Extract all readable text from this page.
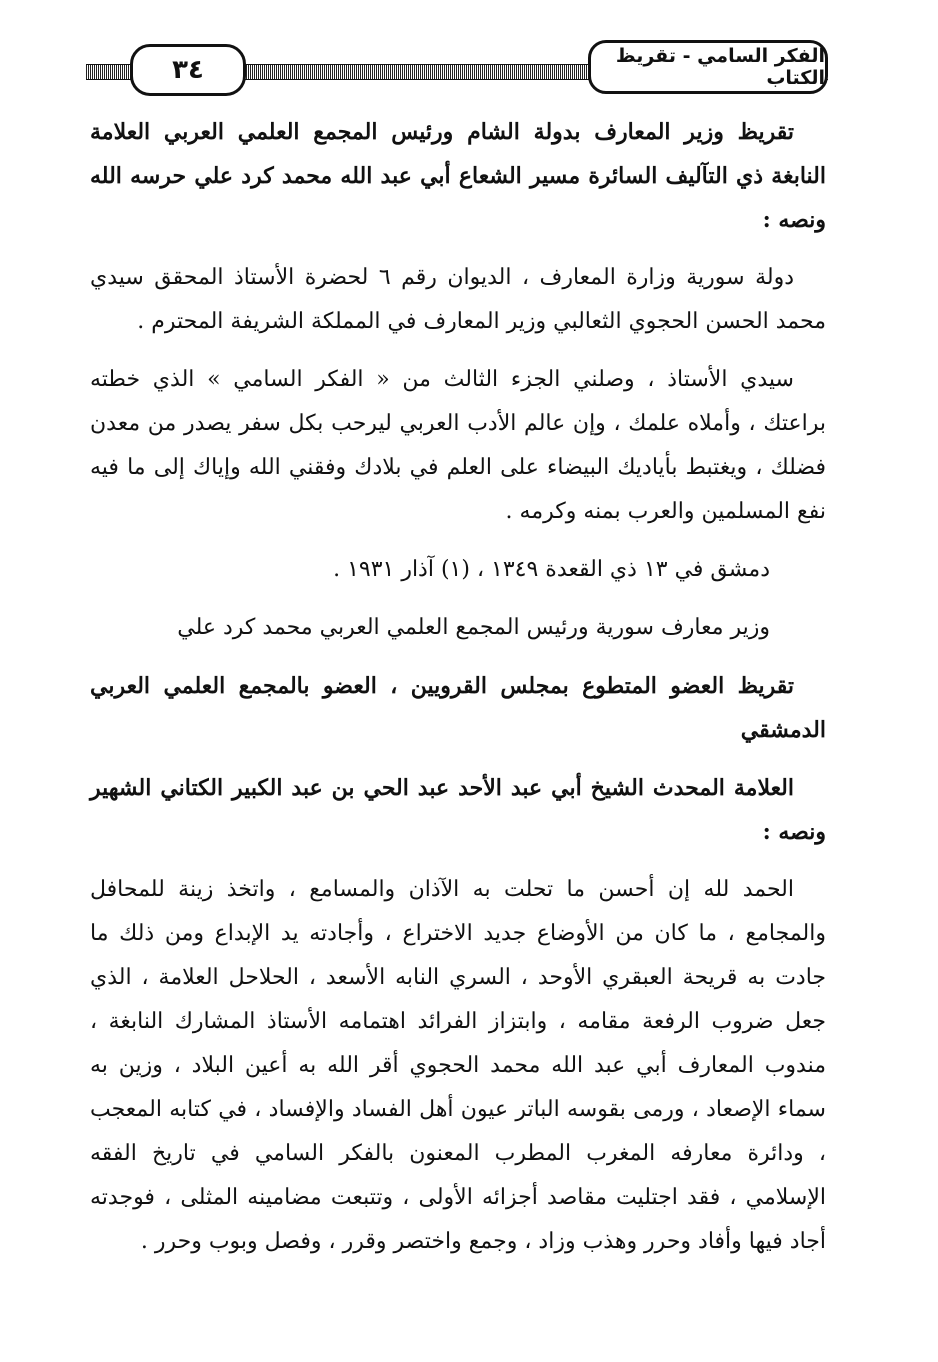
٣٤	الفكر السامي - تقريظ الكتاب

تقريظ وزير المعارف بدولة الشام ورئيس المجمع العلمي العربي العلامة النابغة ذي التآليف السائرة مسير الشعاع أبي عبد الله محمد كرد علي حرسه الله ونصه :

دولة سورية وزارة المعارف ، الديوان رقم ٦ لحضرة الأستاذ المحقق سيدي محمد الحسن الحجوي الثعالبي وزير المعارف في المملكة الشريفة المحترم .

سيدي الأستاذ ، وصلني الجزء الثالث من « الفكر السامي » الذي خطته براعتك ، وأملاه علمك ، وإن عالم الأدب العربي ليرحب بكل سفر يصدر من معدن فضلك ، ويغتبط بأياديك البيضاء على العلم في بلادك وفقني الله وإياك إلى ما فيه نفع المسلمين والعرب بمنه وكرمه .

دمشق في ١٣ ذي القعدة ١٣٤٩ ، (١) آذار ١٩٣١ .

وزير معارف سورية ورئيس المجمع العلمي العربي محمد كرد علي

تقريظ العضو المتطوع بمجلس القرويين ، العضو بالمجمع العلمي العربي الدمشقي

العلامة المحدث الشيخ أبي عبد الأحد عبد الحي بن عبد الكبير الكتاني الشهير ونصه :

الحمد لله إن أحسن ما تحلت به الآذان والمسامع ، واتخذ زينة للمحافل والمجامع ، ما كان من الأوضاع جديد الاختراع ، وأجادته يد الإبداع ومن ذلك ما جادت به قريحة العبقري الأوحد ، السري النابه الأسعد ، الحلاحل العلامة ، الذي جعل ضروب الرفعة مقامه ، وابتزاز الفرائد اهتمامه الأستاذ المشارك النابغة ، مندوب المعارف أبي عبد الله محمد الحجوي أقر الله به أعين البلاد ، وزين به سماء الإصعاد ، ورمى بقوسه الباتر عيون أهل الفساد والإفساد ، في كتابه المعجب ، ودائرة معارفه المغرب المطرب المعنون بالفكر السامي في تاريخ الفقه الإسلامي ، فقد اجتليت مقاصد أجزائه الأولى ، وتتبعت مضامينه المثلى ، فوجدته أجاد فيها وأفاد وحرر وهذب وزاد ، وجمع واختصر وقرر ، وفصل وبوب وحرر .
